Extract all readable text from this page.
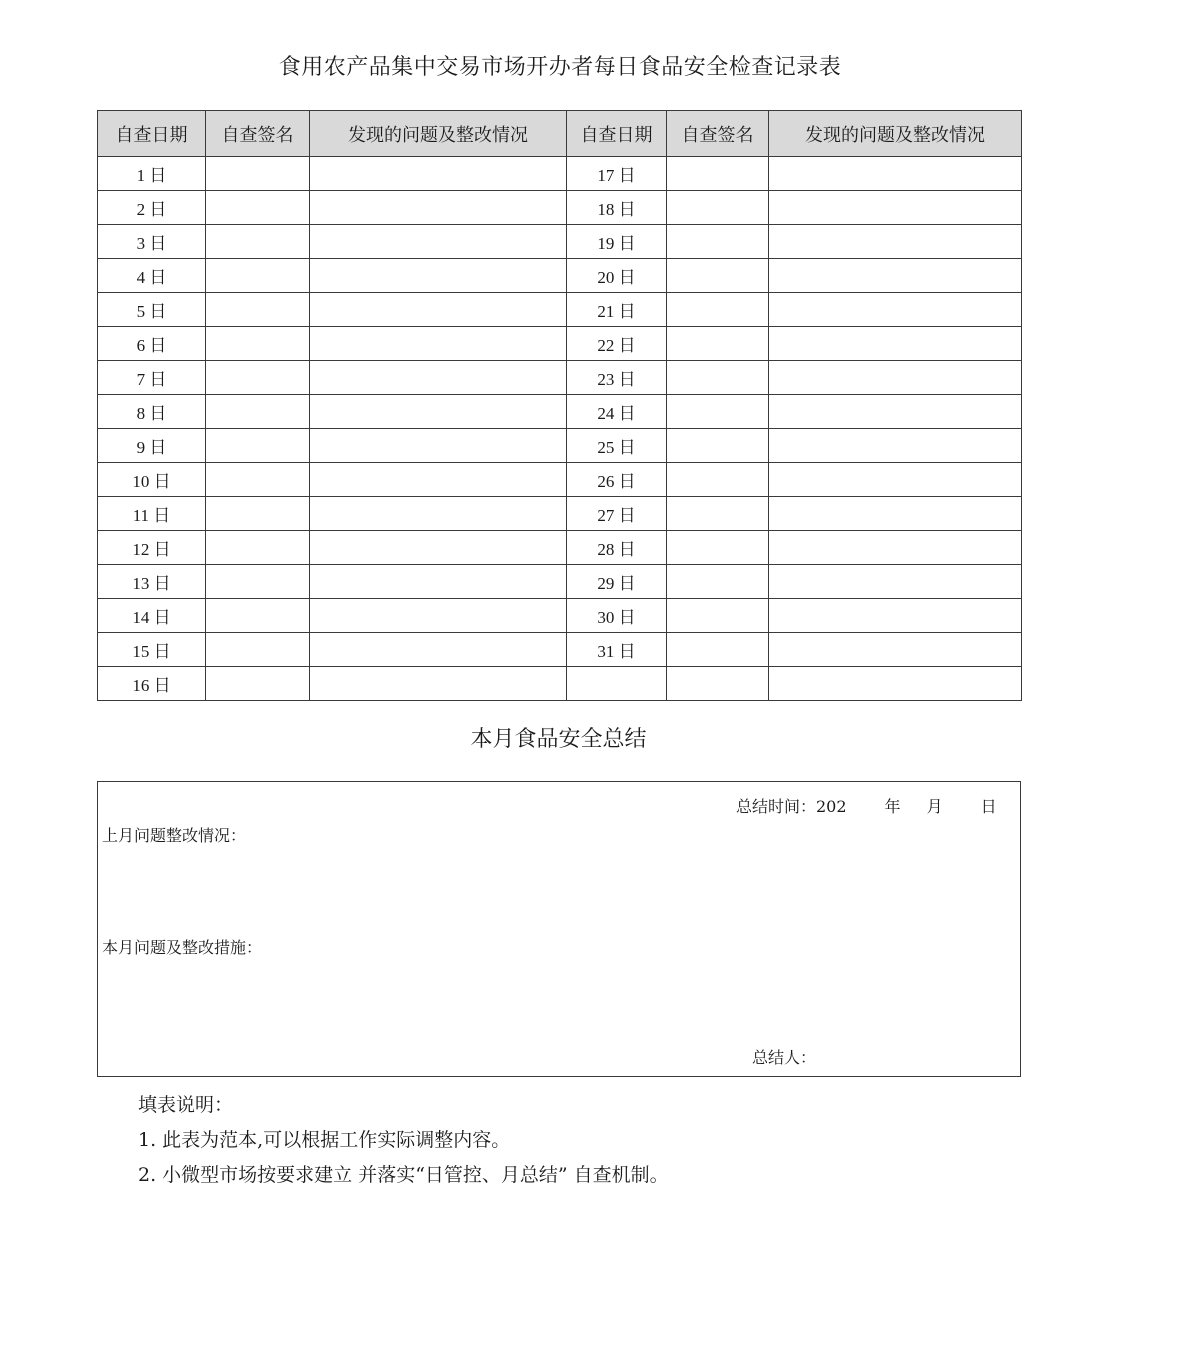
食用农产品集中交易市场开办者每日食品安全检查记录表
自查日期	自查签名	发现的问题及整改情况	自查日期	自查签名	发现的问题及整改情况
1 日			17 日		
2 日			18 日		
3 日			19 日		
4 日			20 日		
5 日			21 日		
6 日			22 日		
7 日			23 日		
8 日			24 日		
9 日			25 日		
10 日			26 日		
11 日			27 日		
12 日			28 日		
13 日			29 日		
14 日			30 日		
15 日			31 日		
16 日					
本月食品安全总结
总结时间：202 年 月 日
上月问题整改情况：
本月问题及整改措施：
总结人：
填表说明：
1. 此表为范本,可以根据工作实际调整内容。
2. 小微型市场按要求建立 并落实“日管控、月总结” 自查机制。
